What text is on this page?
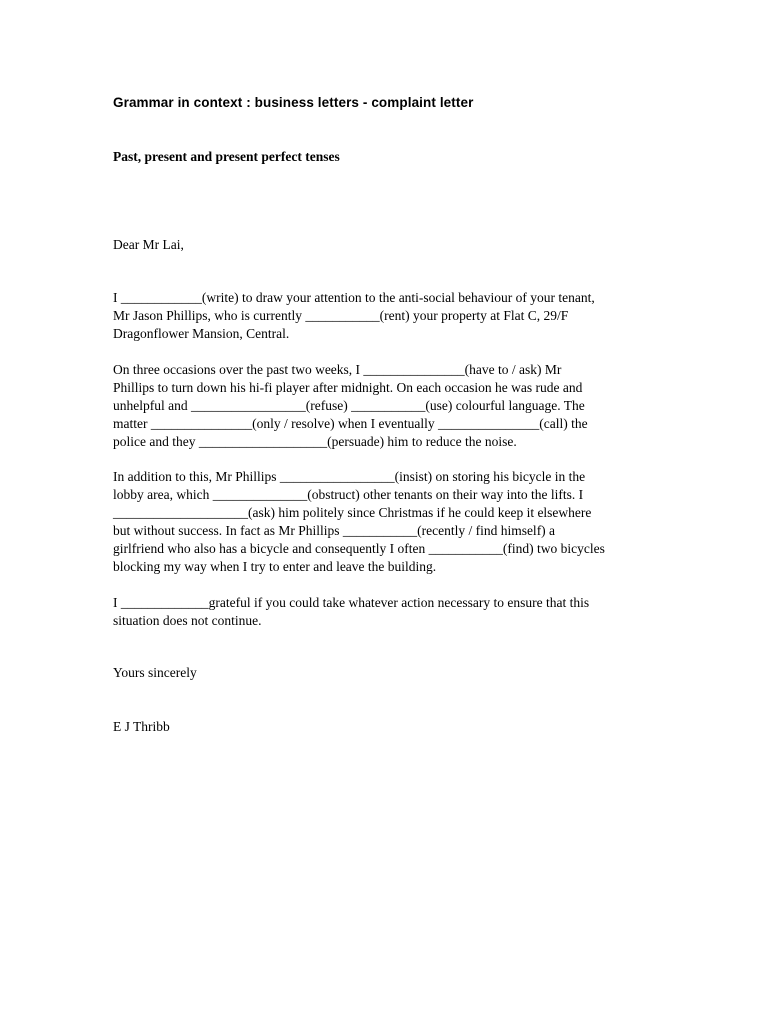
Grammar in context : business letters - complaint letter
Past, present and present perfect tenses
Dear Mr Lai,
I ____________(write) to draw your attention to the anti-social behaviour of your tenant,
Mr Jason Phillips, who is currently ___________(rent) your property at Flat C, 29/F
Dragonflower Mansion, Central.
On three occasions over the past two weeks, I _______________(have to / ask) Mr
Phillips to turn down his hi-fi player after midnight. On each occasion he was rude and
unhelpful and _________________(refuse) ___________(use) colourful language. The
matter _______________(only / resolve) when I eventually _______________(call) the
police and they ___________________(persuade) him to reduce the noise.
In addition to this, Mr Phillips _________________(insist) on storing his bicycle in the
lobby area, which ______________(obstruct) other tenants on their way into the lifts. I
____________________(ask) him politely since Christmas if he could keep it elsewhere
but without success. In fact as Mr Phillips ___________(recently / find himself) a
girlfriend who also has a bicycle and consequently I often ___________(find) two bicycles
blocking my way when I try to enter and leave the building.
I _____________grateful if you could take whatever action necessary to ensure that this
situation does not continue.
Yours sincerely
E J Thribb
